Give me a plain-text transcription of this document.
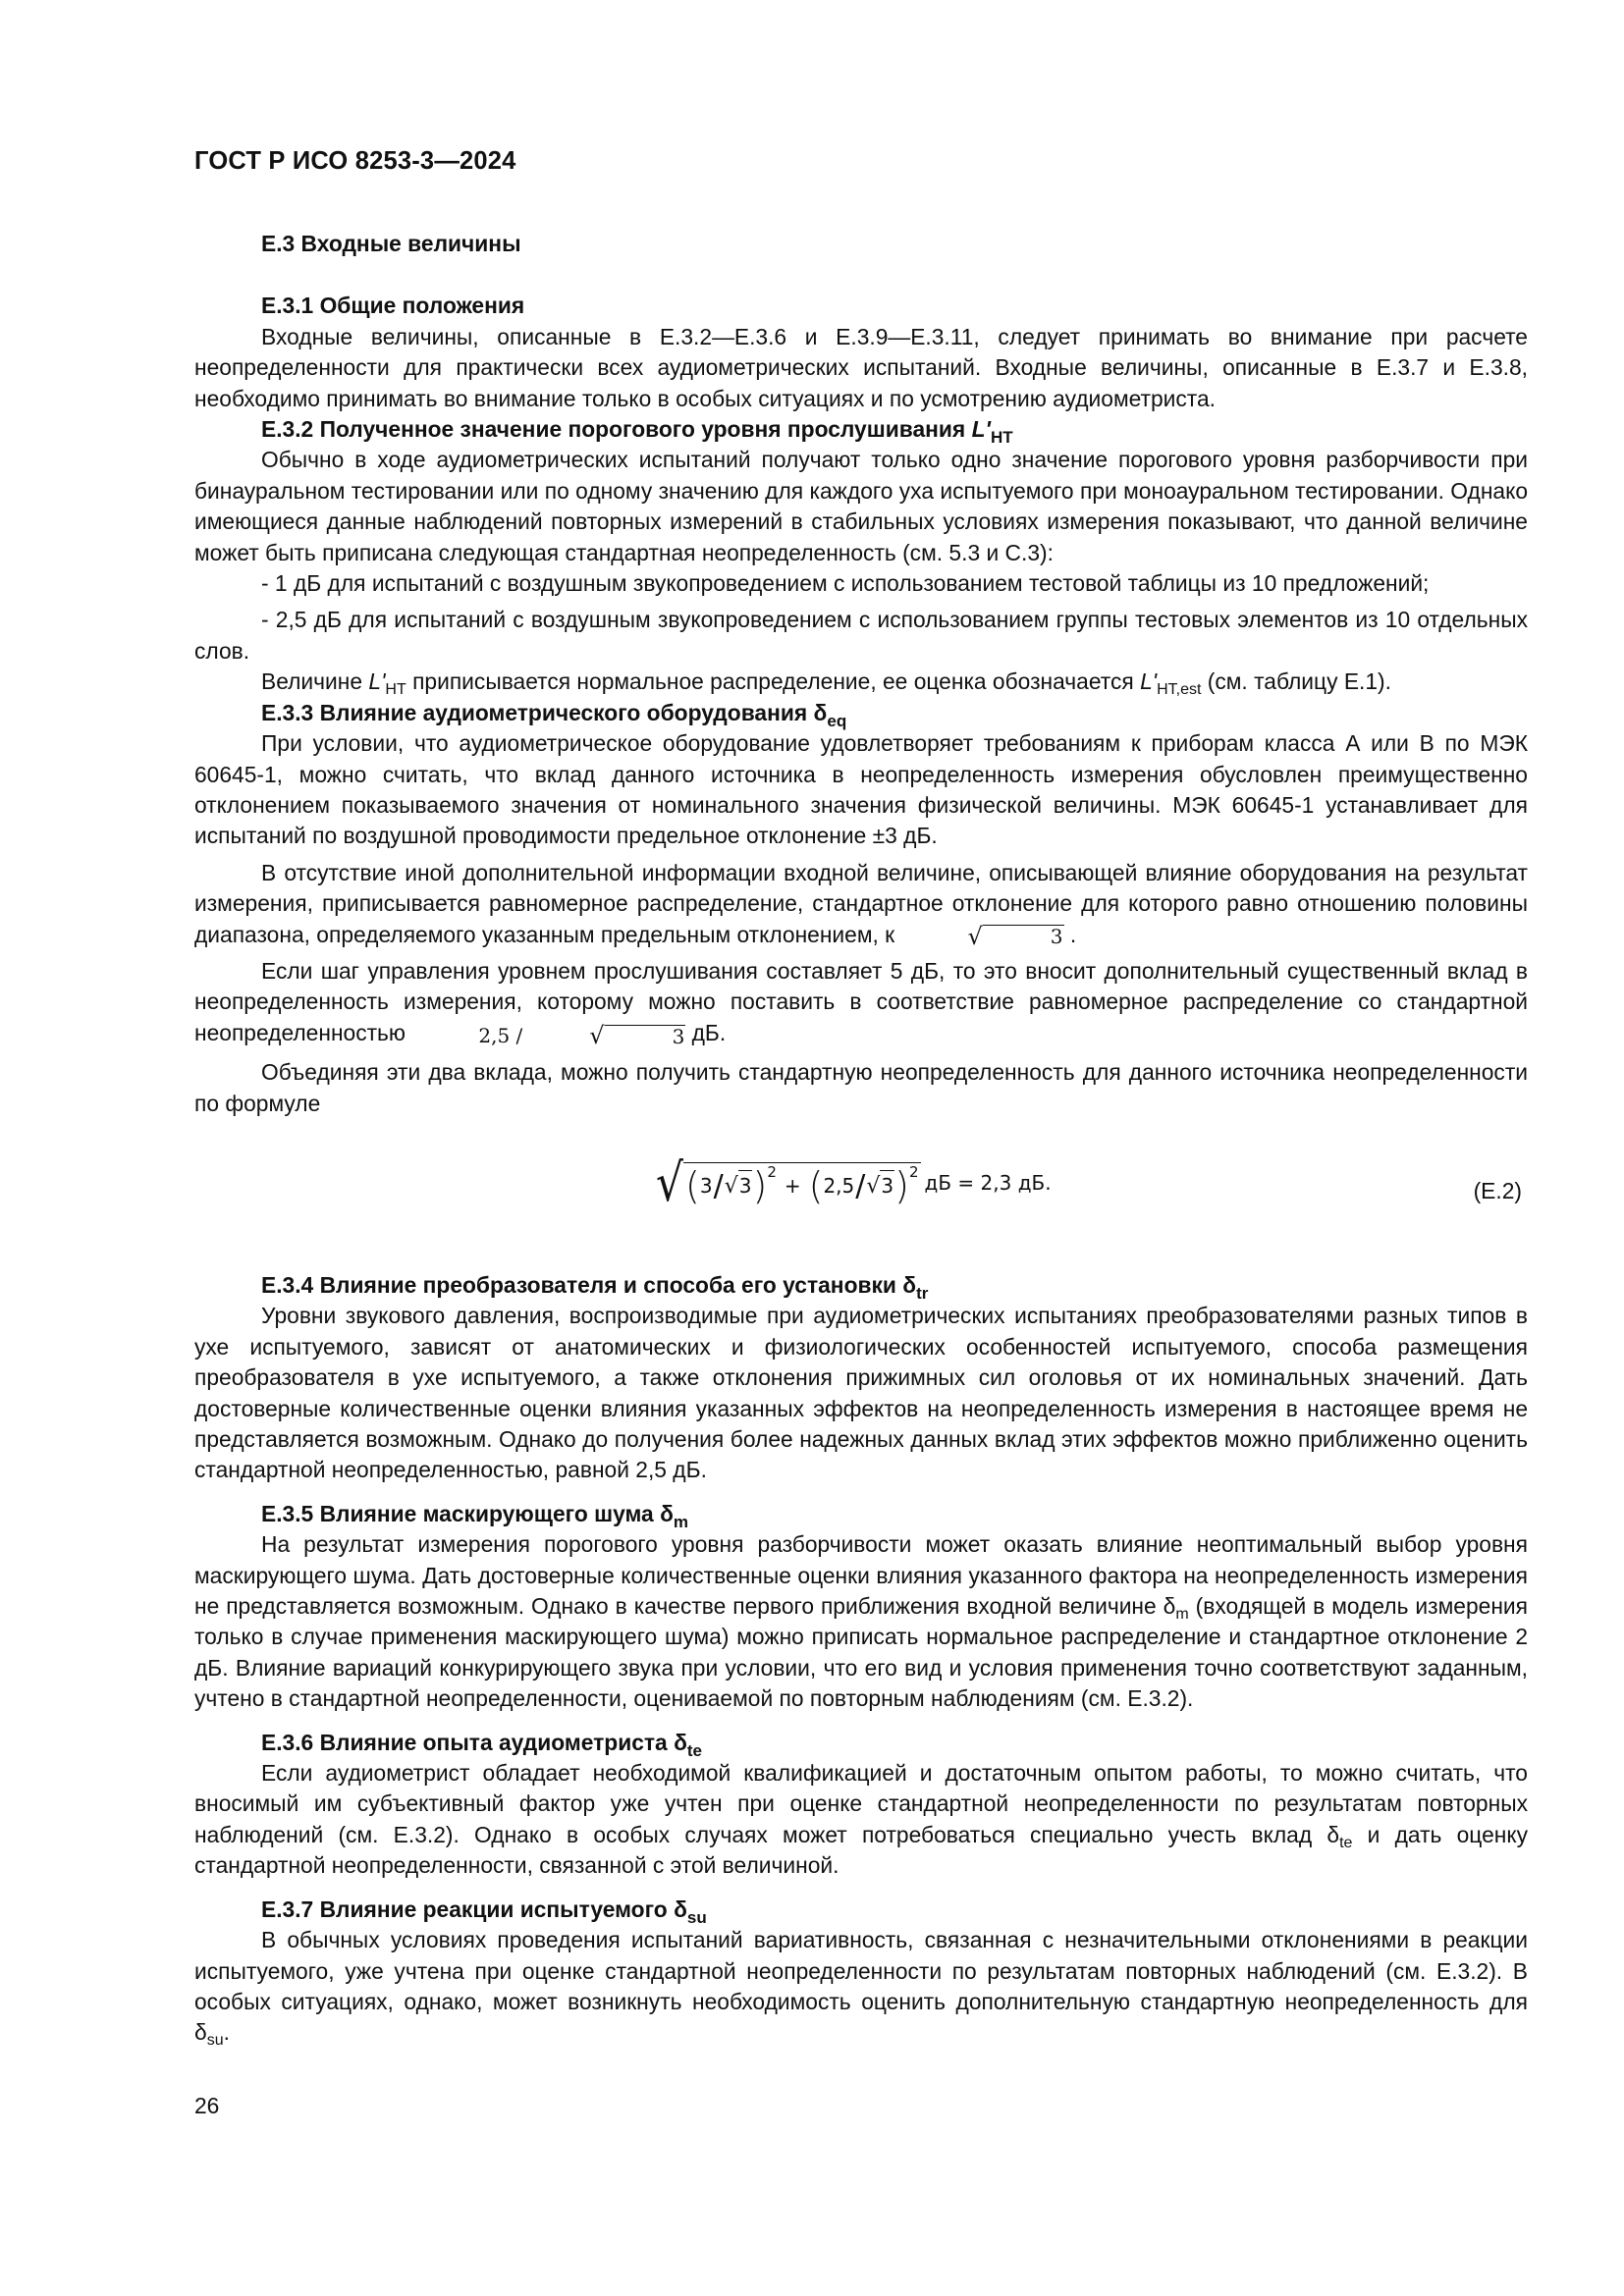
ГОСТ Р ИСО 8253-3—2024
Е.3 Входные величины
Е.3.1 Общие положения

Входные величины, описанные в Е.3.2—Е.3.6 и Е.3.9—Е.3.11, следует принимать во внимание при расчете неопределенности для практически всех аудиометрических испытаний. Входные величины, описанные в Е.3.7 и Е.3.8, необходимо принимать во внимание только в особых ситуациях и по усмотрению аудиометриста.

Е.3.2 Полученное значение порогового уровня прослушивания $L'_{HT}$

Обычно в ходе аудиометрических испытаний получают только одно значение порогового уровня разборчивости при бинауральном тестировании или по одному значению для каждого уха испытуемого при моноауральном тестировании. Однако имеющиеся данные наблюдений повторных измерений в стабильных условиях измерения показывают, что данной величине может быть приписана следующая стандартная неопределенность (см. 5.3 и С.3):

- 1 дБ для испытаний с воздушным звукопроведением с использованием тестовой таблицы из 10 предложений;

- 2,5 дБ для испытаний с воздушным звукопроведением с использованием группы тестовых элементов из 10 отдельных слов.

Величине $L'_{HT}$ приписывается нормальное распределение, ее оценка обозначается $L'_{HT,est}$ (см. таблицу Е.1).

Е.3.3 Влияние аудиометрического оборудования $\delta_{eq}$

При условии, что аудиометрическое оборудование удовлетворяет требованиям к приборам класса А или В по МЭК 60645-1, можно считать, что вклад данного источника в неопределенность измерения обусловлен преимущественно отклонением показываемого значения от номинального значения физической величины. МЭК 60645-1 устанавливает для испытаний по воздушной проводимости предельное отклонение ±3 дБ.

В отсутствие иной дополнительной информации входной величине, описывающей влияние оборудования на результат измерения, приписывается равномерное распределение, стандартное отклонение для которого равно отношению половины диапазона, определяемого указанным предельным отклонением, к	√	3 .

Если шаг управления уровнем прослушивания составляет 5 дБ, то это вносит дополнительный существенный вклад в неопределенность измерения, которому можно поставить в соответствие равномерное распределение со стандартной неопределенностью	2,5 /	√	3 дБ.

Объединяя эти два вклада, можно получить стандартную неопределенность для данного источника неопределенности по формуле

√ ( 3 / √ 3 ) 2
+ ( 2,5 / √ 3 ) 2 дБ = 2,3 дБ.	(Е.2)
Е.3.4 Влияние преобразователя и способа его установки $\delta_{tr}$

Уровни звукового давления, воспроизводимые при аудиометрических испытаниях преобразователями разных типов в ухе испытуемого, зависят от анатомических и физиологических особенностей испытуемого, способа размещения преобразователя в ухе испытуемого, а также отклонения прижимных сил оголовья от их номинальных значений. Дать достоверные количественные оценки влияния указанных эффектов на неопределенность измерения в настоящее время не представляется возможным. Однако до получения более надежных данных вклад этих эффектов можно приближенно оценить стандартной неопределенностью, равной 2,5 дБ.

Е.3.5 Влияние маскирующего шума $\delta_m$

На результат измерения порогового уровня разборчивости может оказать влияние неоптимальный выбор уровня маскирующего шума. Дать достоверные количественные оценки влияния указанного фактора на неопределенность измерения не представляется возможным. Однако в качестве первого приближения входной величине $\delta_m$ (входящей в модель измерения только в случае применения маскирующего шума) можно приписать нормальное распределение и стандартное отклонение 2 дБ. Влияние вариаций конкурирующего звука при условии, что его вид и условия применения точно соответствуют заданным, учтено в стандартной неопределенности, оцениваемой по повторным наблюдениям (см. Е.3.2).

Е.3.6 Влияние опыта аудиометриста $\delta_{te}$

Если аудиометрист обладает необходимой квалификацией и достаточным опытом работы, то можно считать, что вносимый им субъективный фактор уже учтен при оценке стандартной неопределенности по результатам повторных наблюдений (см. Е.3.2). Однако в особых случаях может потребоваться специально учесть вклад $\delta_{te}$ и дать оценку стандартной неопределенности, связанной с этой величиной.

Е.3.7 Влияние реакции испытуемого $\delta_{su}$

В обычных условиях проведения испытаний вариативность, связанная с незначительными отклонениями в реакции испытуемого, уже учтена при оценке стандартной неопределенности по результатам повторных наблюдений (см. Е.3.2). В особых ситуациях, однако, может возникнуть необходимость оценить дополнительную стандартную неопределенность для $\delta_{su}$.

26
